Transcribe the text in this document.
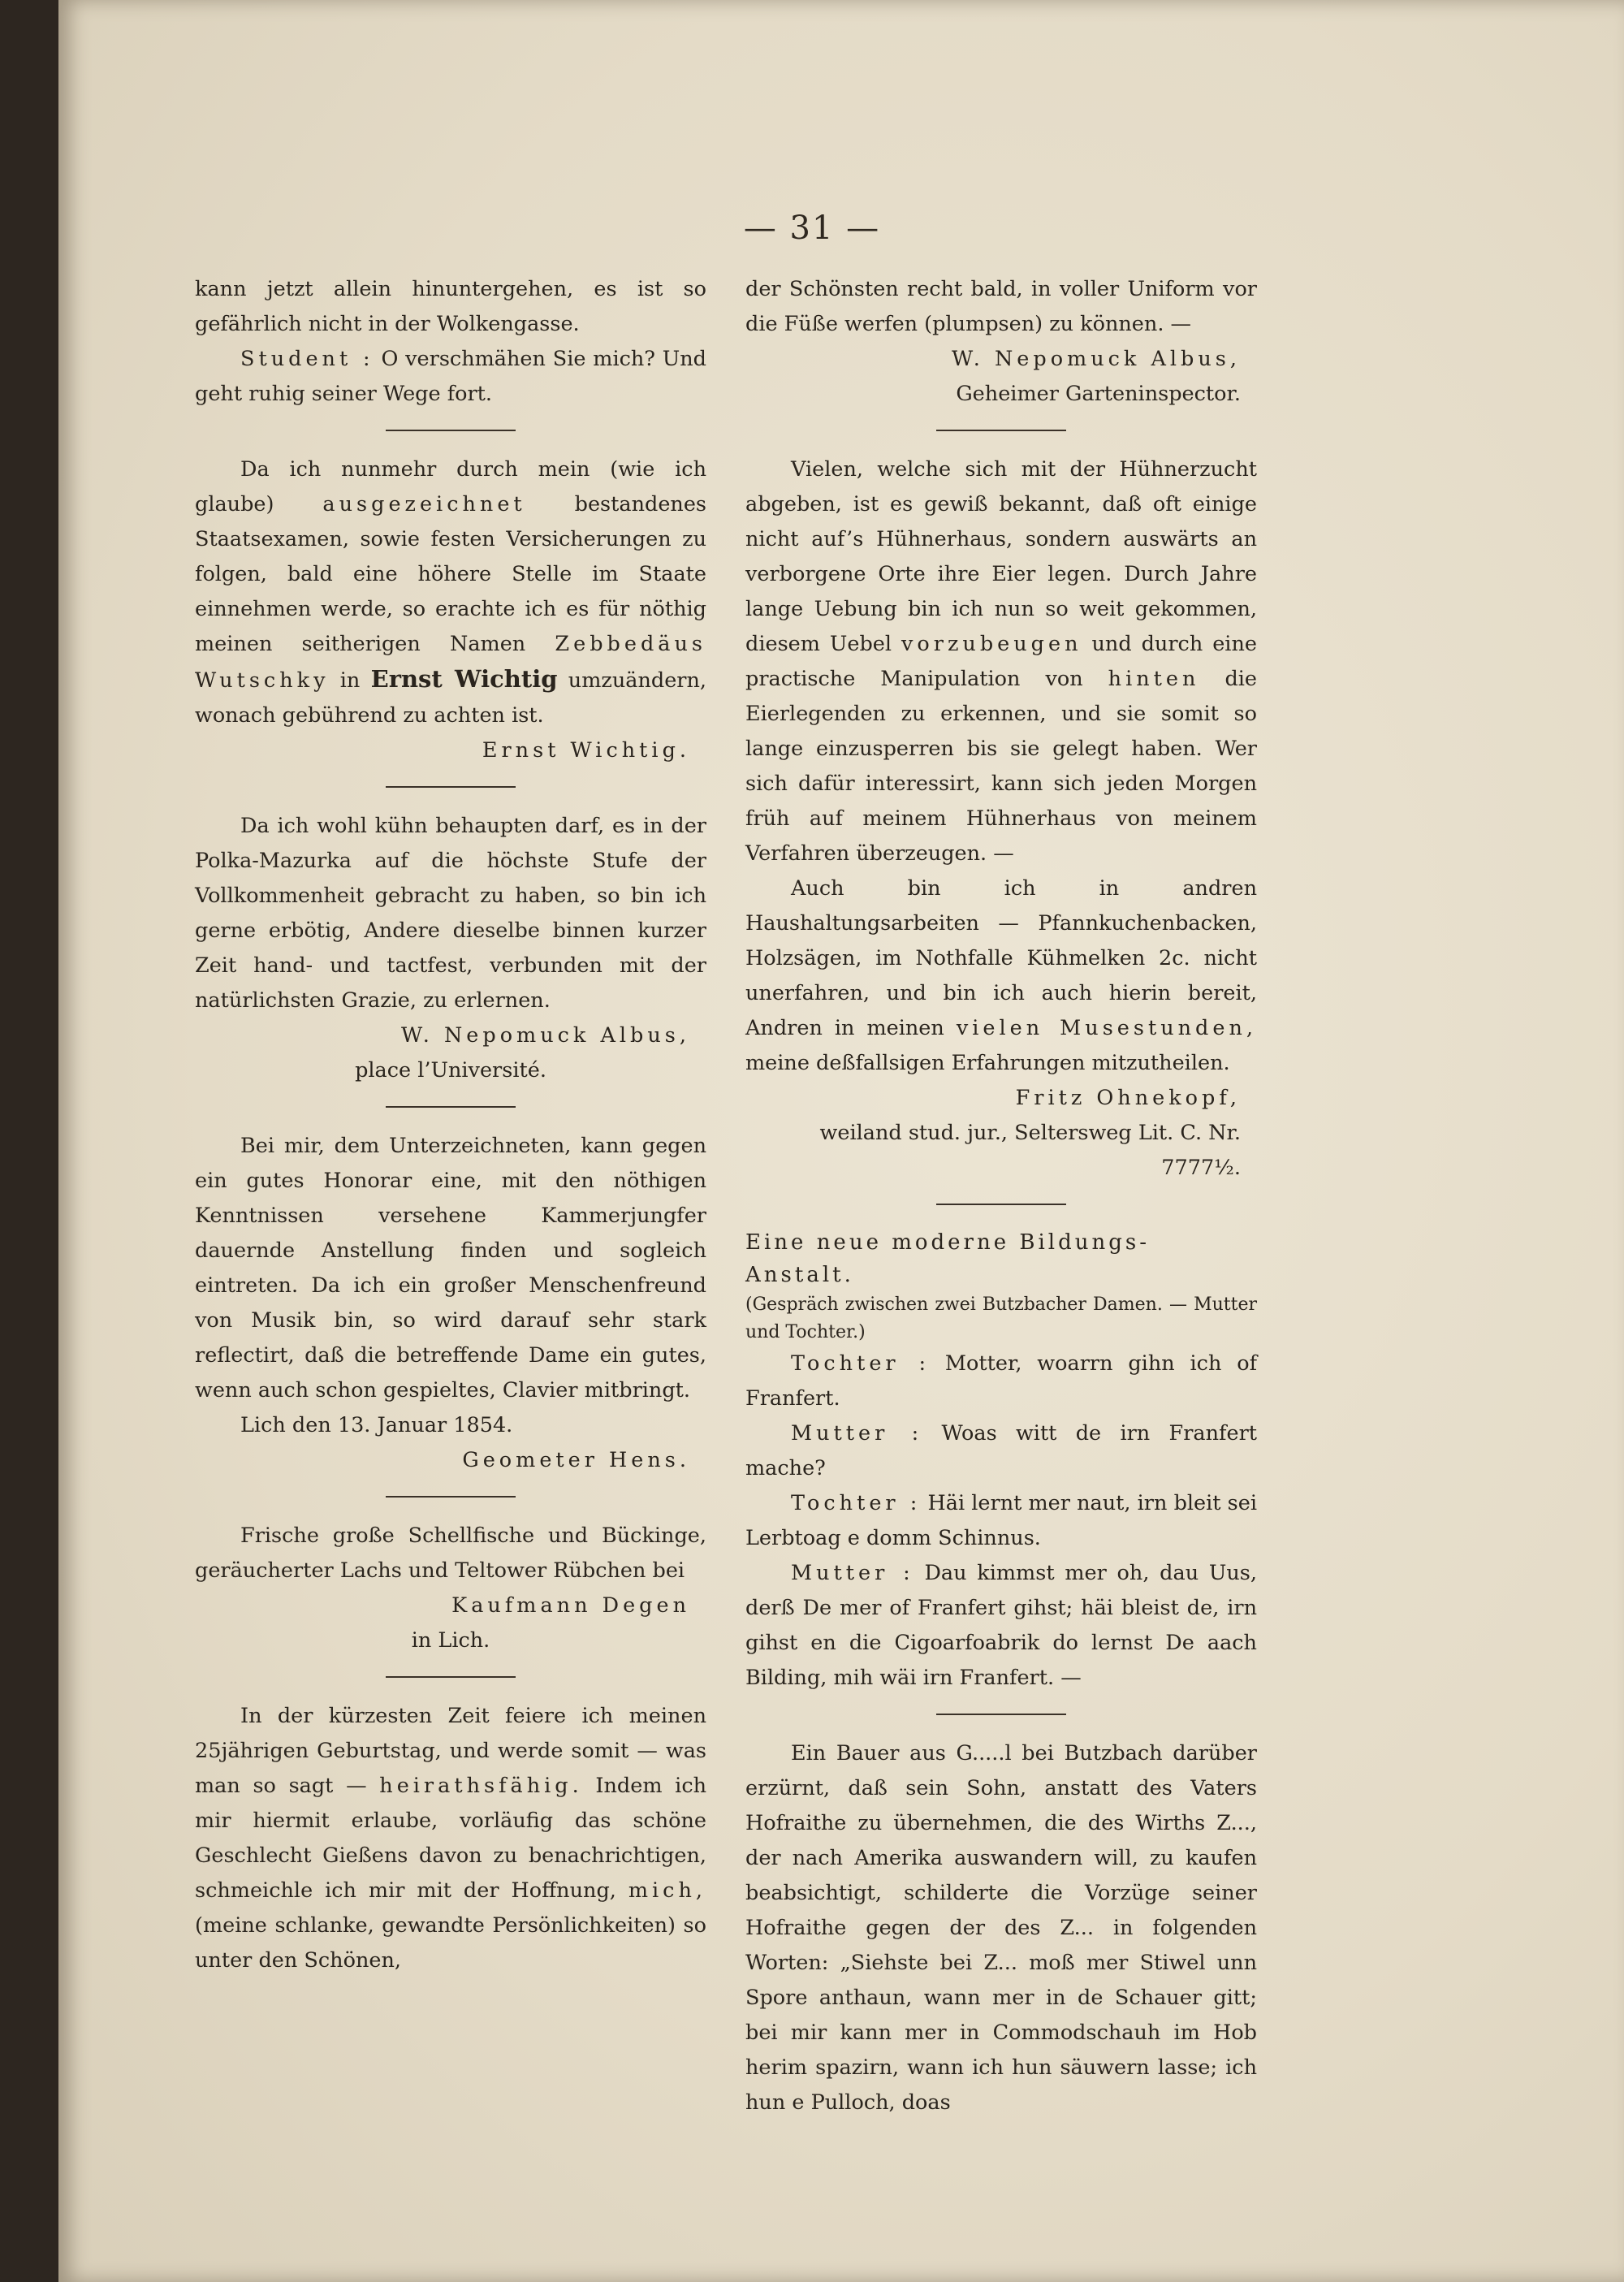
— 31 —

kann jetzt allein hinuntergehen, es ist so gefährlich nicht in der Wolkengasse.

Student : O verschmähen Sie mich? Und geht ruhig seiner Wege fort.

Da ich nunmehr durch mein (wie ich glaube) ausgezeichnet bestandenes Staatsexamen, sowie festen Versicherungen zu folgen, bald eine höhere Stelle im Staate einnehmen werde, so erachte ich es für nöthig meinen seitherigen Namen Zebbedäus Wutschky in Ernst Wichtig umzuändern, wonach gebührend zu achten ist.

Ernst Wichtig.

Da ich wohl kühn behaupten darf, es in der Polka-Mazurka auf die höchste Stufe der Vollkommenheit gebracht zu haben, so bin ich gerne erbötig, Andere dieselbe binnen kurzer Zeit hand- und tactfest, verbunden mit der natürlichsten Grazie, zu erlernen.

W. Nepomuck Albus,

place l’Université.

Bei mir, dem Unterzeichneten, kann gegen ein gutes Honorar eine, mit den nöthigen Kenntnissen versehene Kammerjungfer dauernde Anstellung finden und sogleich eintreten. Da ich ein großer Menschenfreund von Musik bin, so wird darauf sehr stark reflectirt, daß die betreffende Dame ein gutes, wenn auch schon gespieltes, Clavier mitbringt.

Lich den 13. Januar 1854.

Geometer Hens.

Frische große Schellfische und Bückinge, geräucherter Lachs und Teltower Rübchen bei

Kaufmann Degen

in Lich.

In der kürzesten Zeit feiere ich meinen 25jährigen Geburtstag, und werde somit — was man so sagt — heirathsfähig. Indem ich mir hiermit erlaube, vorläufig das schöne Geschlecht Gießens davon zu benachrichtigen, schmeichle ich mir mit der Hoffnung, mich, (meine schlanke, gewandte Persönlichkeiten) so unter den Schönen,

der Schönsten recht bald, in voller Uniform vor die Füße werfen (plumpsen) zu können. —

W. Nepomuck Albus,

Geheimer Garteninspector.

Vielen, welche sich mit der Hühnerzucht abgeben, ist es gewiß bekannt, daß oft einige nicht auf’s Hühnerhaus, sondern auswärts an verborgene Orte ihre Eier legen. Durch Jahre lange Uebung bin ich nun so weit gekommen, diesem Uebel vorzubeugen und durch eine practische Manipulation von hinten die Eierlegenden zu erkennen, und sie somit so lange einzusperren bis sie gelegt haben. Wer sich dafür interessirt, kann sich jeden Morgen früh auf meinem Hühnerhaus von meinem Verfahren überzeugen. —

Auch bin ich in andren Haushaltungsarbeiten — Pfannkuchenbacken, Holzsägen, im Nothfalle Kühmelken 2c. nicht unerfahren, und bin ich auch hierin bereit, Andren in meinen vielen Musestunden, meine deßfallsigen Erfahrungen mitzutheilen.

Fritz Ohnekopf,

weiland stud. jur., Seltersweg Lit. C. Nr. 7777½.

Eine neue moderne Bildungs-Anstalt.

(Gespräch zwischen zwei Butzbacher Damen. — Mutter und Tochter.)

Tochter : Motter, woarrn gihn ich of Franfert.

Mutter : Woas witt de irn Franfert mache?

Tochter : Häi lernt mer naut, irn bleit sei Lerbtoag e domm Schinnus.

Mutter : Dau kimmst mer oh, dau Uus, derß De mer of Franfert gihst; häi bleist de, irn gihst en die Cigoarfoabrik do lernst De aach Bilding, mih wäi irn Franfert. —

Ein Bauer aus G.....l bei Butzbach darüber erzürnt, daß sein Sohn, anstatt des Vaters Hofraithe zu übernehmen, die des Wirths Z..., der nach Amerika auswandern will, zu kaufen beabsichtigt, schilderte die Vorzüge seiner Hofraithe gegen der des Z... in folgenden Worten: „Siehste bei Z... moß mer Stiwel unn Spore anthaun, wann mer in de Schauer gitt; bei mir kann mer in Commodschauh im Hob herim spazirn, wann ich hun säuwern lasse; ich hun e Pulloch, doas
